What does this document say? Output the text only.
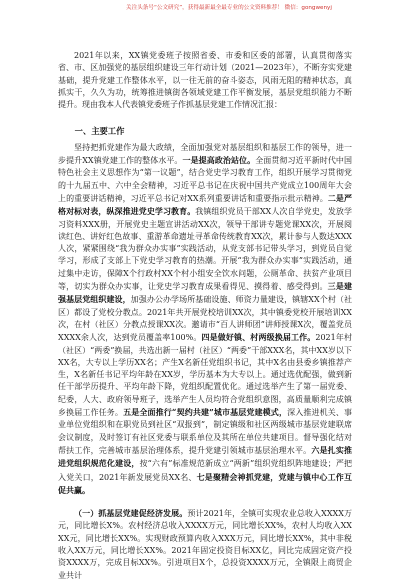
关注头条号“公文研究”，获得最新最全最专业的公文资料推荐！ 微信：gongwenyj

2021年以来，XX镇党委班子按照省委、市委和区委的部署，认真贯彻落实省、市、区加强党的基层组织建设三年行动计划（2021—2023年），不断夯实党建基础，提升党建工作整体水平，以一往无前的奋斗姿态，风雨无阻的精神状态，真抓实干，久久为功，统筹推进镇街各领域党建工作平衡发展，基层党组织能力不断提升。现由我本人代表镇党委班子作抓基层党建工作情况汇报：

一、主要工作

坚持把抓党建作为最大政绩，全面加强党对基层组织和基层工作的领导，进一步提升XX镇党建工作的整体水平。一是提高政治站位。全面贯彻习近平新时代中国特色社会主义思想作为“第一议题”，结合党史学习教育工作，组织开展学习贯彻党的十九届五中、六中全会精神，习近平总书记在庆祝中国共产党成立100周年大会上的重要讲话精神，习近平总书记对XX系列重要讲话和重要指示批示精神。二是严格对标对表，纵深推进党史学习教育。我镇组织党员干部XX人次自学党史，发放学习资料XXX册，开展党史主题宣讲活动XX次，领导干部讲专题党课XX次，开展阅读红色、讲好红色故事、重游革命遗址寻革命传统教育XX次，累计参与人数达XXX人次，紧紧围绕“我为群众办实事”实践活动，从党支部书记带头学习，到党员自觉学习，形成了支部上下党史学习教育的热潮。开展“我为群众办实事”实践活动，通过集中走访，保障X个行政村XX个村小组安全饮水问题，公厕革命、扶贫产业项目等，切实为群众办实事，让党史学习教育成果看得见、摸得着、感受得到。三是建强基层党组织建设，加强办公办学场所基础设施、师资力量建设，镇辖XX个村（社区）都设了党校分教点。2021年共开展党校培训XX次，其中镇委党校开展培训XX次，在村（社区）分教点授课XX次。邀请市“百人讲师团”讲师授课X次，覆盖党员XXXX余人次，达到党员覆盖率100%。四是做好镇、村两级换届工作。2021年村（社区）“两委”换届，共选出新一届村（社区）“两委”干部XXX名，其中XX岁以下XX名，大专以上学历XX名；产生X名新任党组织书记，其中X名由县委乡镇推荐产生，X名新任书记平均年龄在XX岁，学历基本为大专以上。通过选优配强，做到新任干部学历提升、平均年龄下降，党组织配置优化。通过选举产生了第一届党委、纪委，人大、政府领导班子，选举产生人员均符合党组织意图，高质量顺利完成镇乡换届工作任务。五是全面推行“契约共建”城市基层党建模式，深入推进机关、事业单位党组织和在职党员到社区“双报到”，制定镇级和社区两级城市基层党建联席会议制度，及时签订有社区党委与联系单位及其所在单位共建项目。督导强化结对帮扶工作，完善城市基层治理体系，提升党建引领城市基层治理水平。六是扎实推进党组织规范化建设，按“六有”标准规范新成立“两新”组织党组织阵地建设；严把入党关口，2021年新发展党员XX名、七是聚精会神抓党建，党建与镇中心工作互促共赢。

（一）抓基层党建促经济发展。预计2021年，全镇可实现农业总收入XXXX万元，同比增长X%。农村经济总收入XXXX万元，同比增长XX%，农村人均收入XXXX元，同比增长XX%。实现财政预算内收入XXX万元，同比增长XX%，其中非税收入XX万元，同比增长XX%。2021年固定投资目标XX亿，同比完成固定资产投资XXXX万，完成目标XX%。引进项目X个，总投资XXXX万元，全镇限上商贸企业共计
